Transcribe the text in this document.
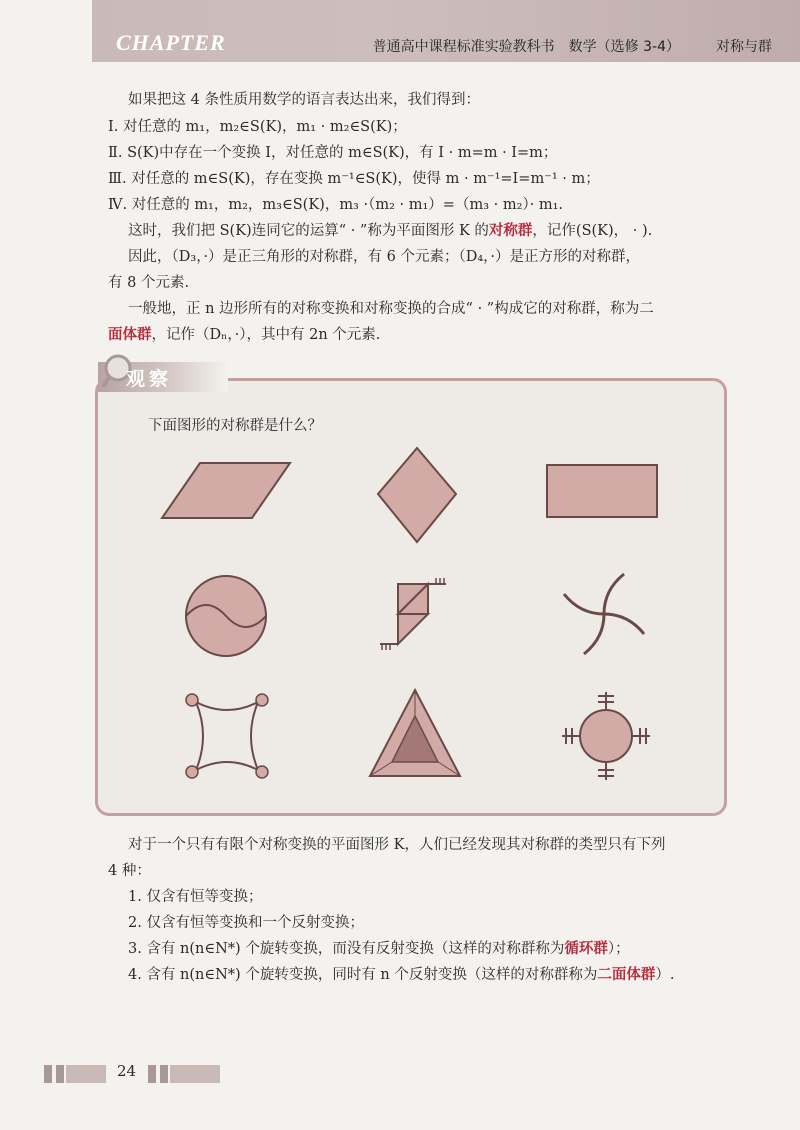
CHAPTER	普通高中课程标准实验教科书　数学（选修 3-4）	对称与群
如果把这 4 条性质用数学的语言表达出来，我们得到：
Ⅰ. 对任意的 m₁，m₂∈S(K)，m₁ · m₂∈S(K)；
Ⅱ. S(K)中存在一个变换 I，对任意的 m∈S(K)，有 I · m=m · I=m；
Ⅲ. 对任意的 m∈S(K)，存在变换 m⁻¹∈S(K)，使得 m · m⁻¹=I=m⁻¹ · m；
Ⅳ. 对任意的 m₁，m₂，m₃∈S(K)，m₃ ·（m₂ · m₁）=（m₃ · m₂）· m₁.
这时，我们把 S(K)连同它的运算“ · ”称为平面图形 K 的对称群，记作(S(K)， · ).
因此，（D₃，·）是正三角形的对称群，有 6 个元素；（D₄，·）是正方形的对称群，
有 8 个元素.
一般地，正 n 边形所有的对称变换和对称变换的合成“ · ”构成它的对称群，称为二
面体群，记作（Dₙ，·），其中有 2n 个元素.
观察
下面图形的对称群是什么？
对于一个只有有限个对称变换的平面图形 K，人们已经发现其对称群的类型只有下列
4 种：
1. 仅含有恒等变换；
2. 仅含有恒等变换和一个反射变换；
3. 含有 n(n∈N*) 个旋转变换，而没有反射变换（这样的对称群称为循环群）；
4. 含有 n(n∈N*) 个旋转变换，同时有 n 个反射变换（这样的对称群称为二面体群）.
24
